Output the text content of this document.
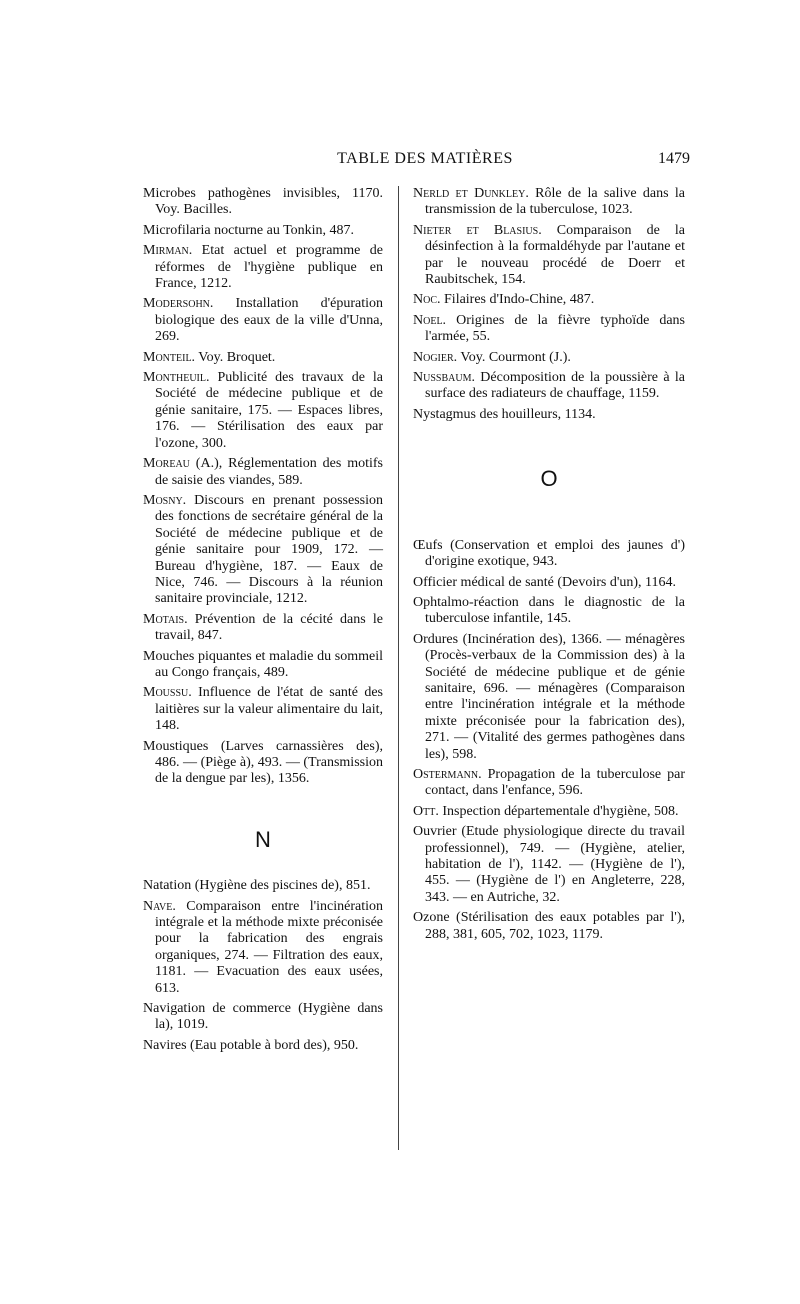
TABLE DES MATIÈRES	1479

Microbes pathogènes invisibles, 1170. Voy. Bacilles.

Microfilaria nocturne au Tonkin, 487.

Mirman. Etat actuel et programme de réformes de l'hygiène publique en France, 1212.

Modersohn. Installation d'épuration biologique des eaux de la ville d'Unna, 269.

Monteil. Voy. Broquet.

Montheuil. Publicité des travaux de la Société de médecine publique et de génie sanitaire, 175. — Espaces libres, 176. — Stérilisation des eaux par l'ozone, 300.

Moreau (A.), Réglementation des motifs de saisie des viandes, 589.

Mosny. Discours en prenant possession des fonctions de secrétaire général de la Société de médecine publique et de génie sanitaire pour 1909, 172. — Bureau d'hygiène, 187. — Eaux de Nice, 746. — Discours à la réunion sanitaire provinciale, 1212.

Motais. Prévention de la cécité dans le travail, 847.

Mouches piquantes et maladie du sommeil au Congo français, 489.

Moussu. Influence de l'état de santé des laitières sur la valeur alimentaire du lait, 148.

Moustiques (Larves carnassières des), 486. — (Piège à), 493. — (Transmission de la dengue par les), 1356.

N

Natation (Hygiène des piscines de), 851.

Nave. Comparaison entre l'incinération intégrale et la méthode mixte préconisée pour la fabrication des engrais organiques, 274. — Filtration des eaux, 1181. — Evacuation des eaux usées, 613.

Navigation de commerce (Hygiène dans la), 1019.

Navires (Eau potable à bord des), 950.

Nerld et Dunkley. Rôle de la salive dans la transmission de la tuberculose, 1023.

Nieter et Blasius. Comparaison de la désinfection à la formaldéhyde par l'autane et par le nouveau procédé de Doerr et Raubitschek, 154.

Noc. Filaires d'Indo-Chine, 487.

Noel. Origines de la fièvre typhoïde dans l'armée, 55.

Nogier. Voy. Courmont (J.).

Nussbaum. Décomposition de la poussière à la surface des radiateurs de chauffage, 1159.

Nystagmus des houilleurs, 1134.

O

Œufs (Conservation et emploi des jaunes d') d'origine exotique, 943.

Officier médical de santé (Devoirs d'un), 1164.

Ophtalmo-réaction dans le diagnostic de la tuberculose infantile, 145.

Ordures (Incinération des), 1366. — ménagères (Procès-verbaux de la Commission des) à la Société de médecine publique et de génie sanitaire, 696. — ménagères (Comparaison entre l'incinération intégrale et la méthode mixte préconisée pour la fabrication des), 271. — (Vitalité des germes pathogènes dans les), 598.

Ostermann. Propagation de la tuberculose par contact, dans l'enfance, 596.

Ott. Inspection départementale d'hygiène, 508.

Ouvrier (Etude physiologique directe du travail professionnel), 749. — (Hygiène, atelier, habitation de l'), 1142. — (Hygiène de l'), 455. — (Hygiène de l') en Angleterre, 228, 343. — en Autriche, 32.

Ozone (Stérilisation des eaux potables par l'), 288, 381, 605, 702, 1023, 1179.
